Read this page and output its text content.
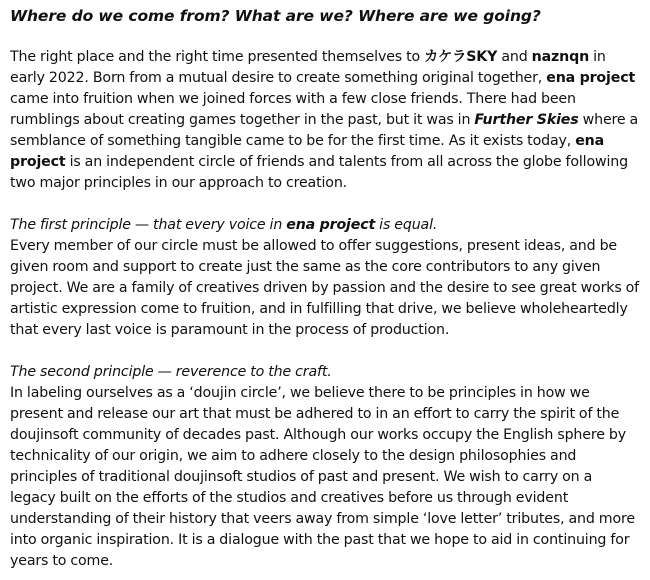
Where do we come from? What are we? Where are we going?
The right place and the right time presented themselves to カケラSKY and naznqn in early 2022. Born from a mutual desire to create something original together, ena project came into fruition when we joined forces with a few close friends. There had been rumblings about creating games together in the past, but it was in Further Skies where a semblance of something tangible came to be for the first time. As it exists today, ena project is an independent circle of friends and talents from all across the globe following two major principles in our approach to creation.
The first principle — that every voice in ena project is equal.
Every member of our circle must be allowed to offer suggestions, present ideas, and be given room and support to create just the same as the core contributors to any given project. We are a family of creatives driven by passion and the desire to see great works of artistic expression come to fruition, and in fulfilling that drive, we believe wholeheartedly that every last voice is paramount in the process of production.
The second principle — reverence to the craft.
In labeling ourselves as a ‘doujin circle’, we believe there to be principles in how we present and release our art that must be adhered to in an effort to carry the spirit of the doujinsoft community of decades past. Although our works occupy the English sphere by technicality of our origin, we aim to adhere closely to the design philosophies and principles of traditional doujinsoft studios of past and present. We wish to carry on a legacy built on the efforts of the studios and creatives before us through evident understanding of their history that veers away from simple ‘love letter’ tributes, and more into organic inspiration. It is a dialogue with the past that we hope to aid in continuing for years to come.
